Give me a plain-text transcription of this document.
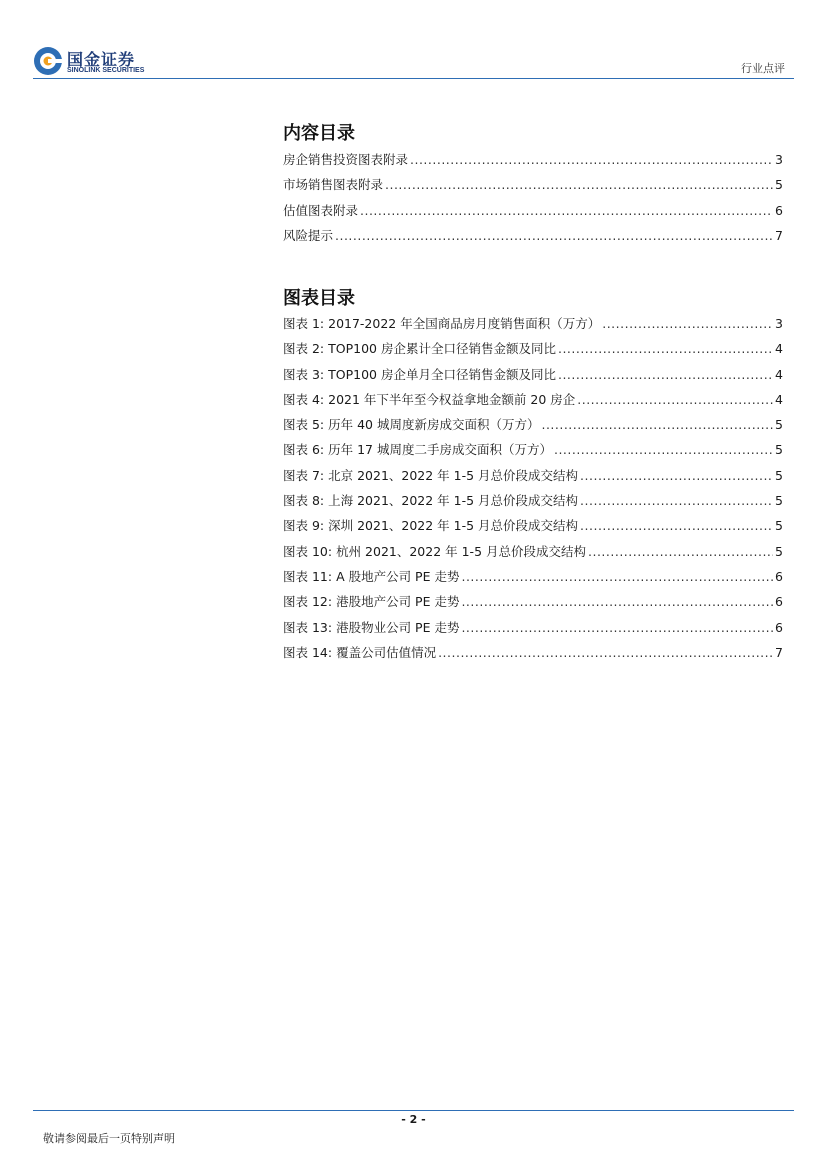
国金证券
SINOLINK SECURITIES	行业点评
内容目录
房企销售投资图表附录 .....	3
市场销售图表附录 .....	5
估值图表附录 .....	6
风险提示 .....	7
图表目录
图表 1: 2017-2022 年全国商品房月度销售面积（万方） .....	3
图表 2: TOP100 房企累计全口径销售金额及同比 .....	4
图表 3: TOP100 房企单月全口径销售金额及同比 .....	4
图表 4: 2021 年下半年至今权益拿地金额前 20 房企 .....	4
图表 5: 历年 40 城周度新房成交面积（万方） .....	5
图表 6: 历年 17 城周度二手房成交面积（万方） .....	5
图表 7: 北京 2021、2022 年 1-5 月总价段成交结构 .....	5
图表 8: 上海 2021、2022 年 1-5 月总价段成交结构 .....	5
图表 9: 深圳 2021、2022 年 1-5 月总价段成交结构 .....	5
图表 10: 杭州 2021、2022 年 1-5 月总价段成交结构 .....	5
图表 11: A 股地产公司 PE 走势 .....	6
图表 12: 港股地产公司 PE 走势 .....	6
图表 13: 港股物业公司 PE 走势 .....	6
图表 14: 覆盖公司估值情况 .....	7
- 2 -
敬请参阅最后一页特别声明
